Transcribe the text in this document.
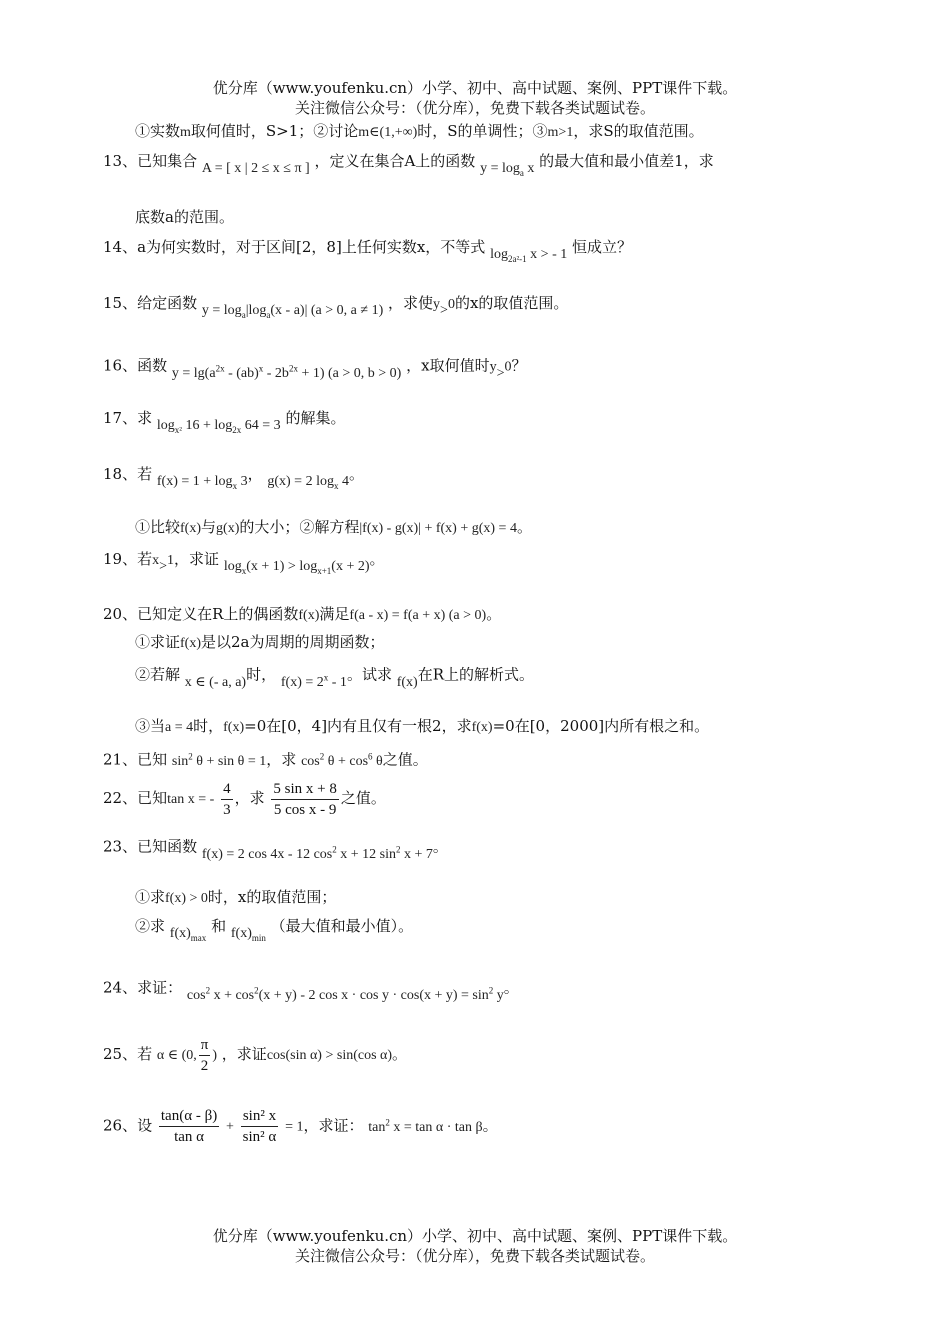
优分库（www.youfenku.cn）小学、初中、高中试题、案例、PPT课件下载。
关注微信公众号：（优分库），免费下载各类试题试卷。
①实数m取何值时，S>1；②讨论m∈(1,+∞)时，S的单调性；③m>1，求S的取值范围。
13、已知集合 A = [ x | 2 ≤ x ≤ π ] ，定义在集合A上的函数 $y = \log_a x$ 的最大值和最小值差1，求
底数a的范围。
14、a为何实数时，对于区间[2，8]上任何实数x，不等式 $\log_{2a^2-1} x$ > - 1 恒成立？
15、给定函数 $y = \log_a|\log_a(x - a)|$ (a > 0, a ≠ 1) ，求使y>0的x的取值范围。
16、函数 $y = \lg(a^{2x} - (ab)^x - 2b^{2x} + 1) (a > 0$, b > 0) ，x取何值时y>0？
17、求 $\log_{x^2} 16 + \log_{2x} 64 = 3$ 的解集。
18、若 $f(x) = 1 + \log_x 3$， g(x) = 2 $\log_x 4$。
①比较f(x)与g(x)的大小；②解方程|f(x) - g(x)| + f(x) + g(x) = 4。
19、若x>1，求证 $\log_x(x + 1) > \log_{x+1}(x + 2)$。
20、已知定义在R上的偶函数f(x)满足f(a - x) = f(a + x) (a > 0)。
①求证f(x)是以2a为周期的周期函数；
②若解 x ∈ (- a, a)时， $f(x) = 2^x - 1$。试求 f(x)在R上的解析式。
③当a = 4时，f(x)=0在[0，4]内有且仅有一根2，求f(x)=0在[0，2000]内所有根之和。
21、已知 $\sin^2 \theta + \sin \theta = 1$，求 $\cos^2 \theta + \cos^6 \theta$之值。
22、已知tan x = - $\frac{4}{3}$ ，求 $\frac{\text{5 sin x + 8}}{\text{5 cos x - 9}}$ 之值。
23、已知函数 f(x) = 2 cos 4x - 12 $\cos^2 x + 12$ $\sin^2 x + 7$。
①求f(x) > 0时，x的取值范围；
②求 $f(x)_{max}$ 和 $f(x)_{min}$ （最大值和最小值）。
24、求证： $\cos^2 x + \cos^2(x + y) - 2$ $\cos x \cdot \cos y \cdot \cos(x + y) = \sin^2 y$。
25、若 α ∈ (0, $\frac{\pi}{2}$ ) ，求证cos(sin α) > sin(cos α)。
26、设 $\frac{\tan(\alpha - \beta)}{\text{tan α}} + \frac{\text{sin² x}}{\text{sin² α}} = 1$，求证： $\tan^2 x = \tan \alpha \cdot \tan \beta$。
优分库（www.youfenku.cn）小学、初中、高中试题、案例、PPT课件下载。
关注微信公众号：（优分库），免费下载各类试题试卷。
